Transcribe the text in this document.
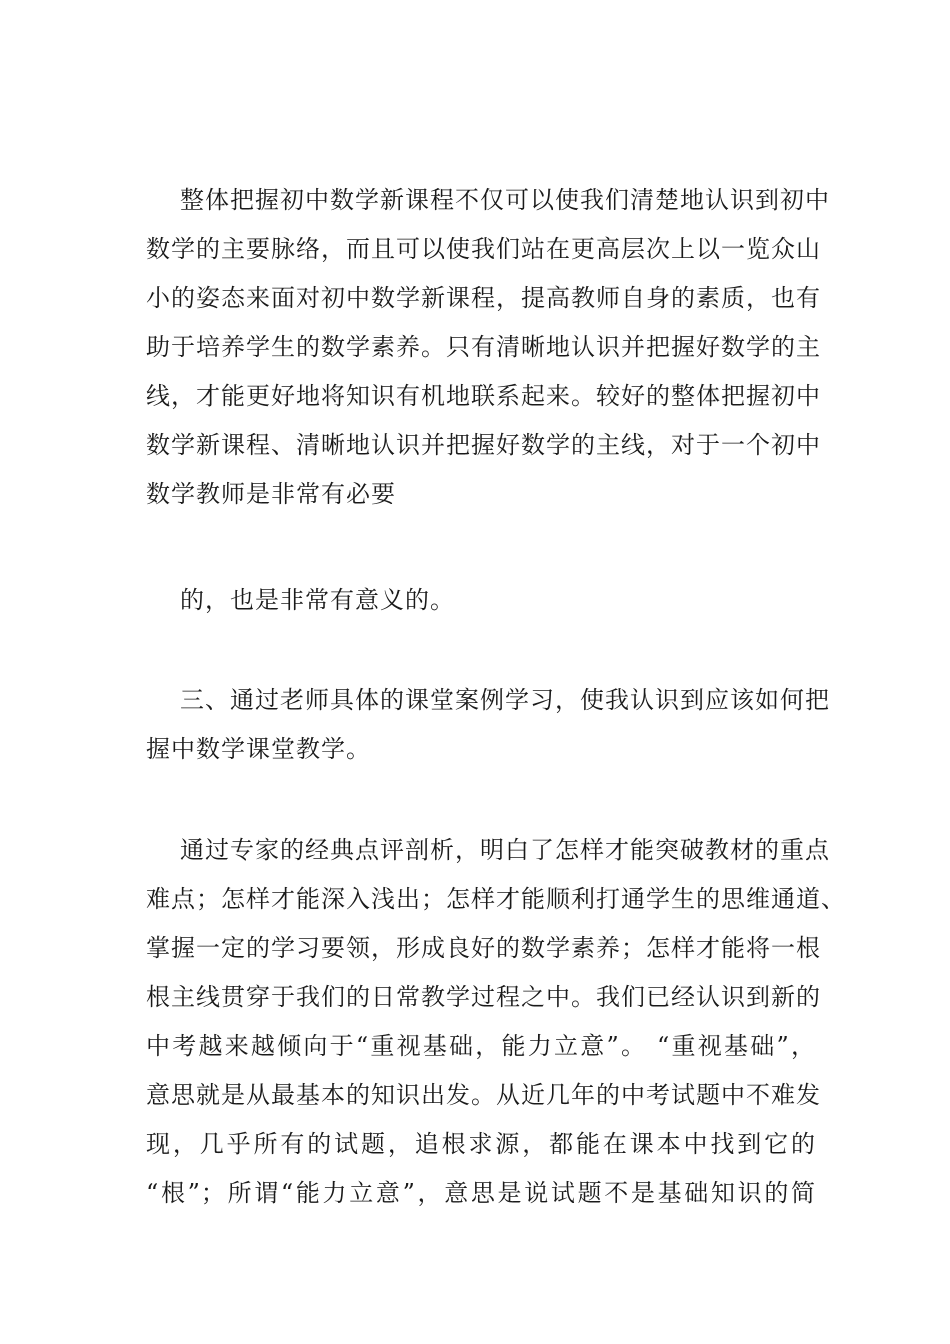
整体把握初中数学新课程不仅可以使我们清楚地认识到初中
数学的主要脉络，而且可以使我们站在更高层次上以一览众山
小的姿态来面对初中数学新课程，提高教师自身的素质，也有
助于培养学生的数学素养。只有清晰地认识并把握好数学的主
线，才能更好地将知识有机地联系起来。较好的整体把握初中
数学新课程、清晰地认识并把握好数学的主线，对于一个初中
数学教师是非常有必要
的，也是非常有意义的。
三、通过老师具体的课堂案例学习，使我认识到应该如何把
握中数学课堂教学。
通过专家的经典点评剖析，明白了怎样才能突破教材的重点
难点；怎样才能深入浅出；怎样才能顺利打通学生的思维通道、
掌握一定的学习要领，形成良好的数学素养；怎样才能将一根
根主线贯穿于我们的日常教学过程之中。我们已经认识到新的
中考越来越倾向于“重视基础，能力立意”。 “重视基础”，
意思就是从最基本的知识出发。从近几年的中考试题中不难发
现，几乎所有的试题，追根求源，都能在课本中找到它的
“根”；所谓“能力立意”，意思是说试题不是基础知识的简
